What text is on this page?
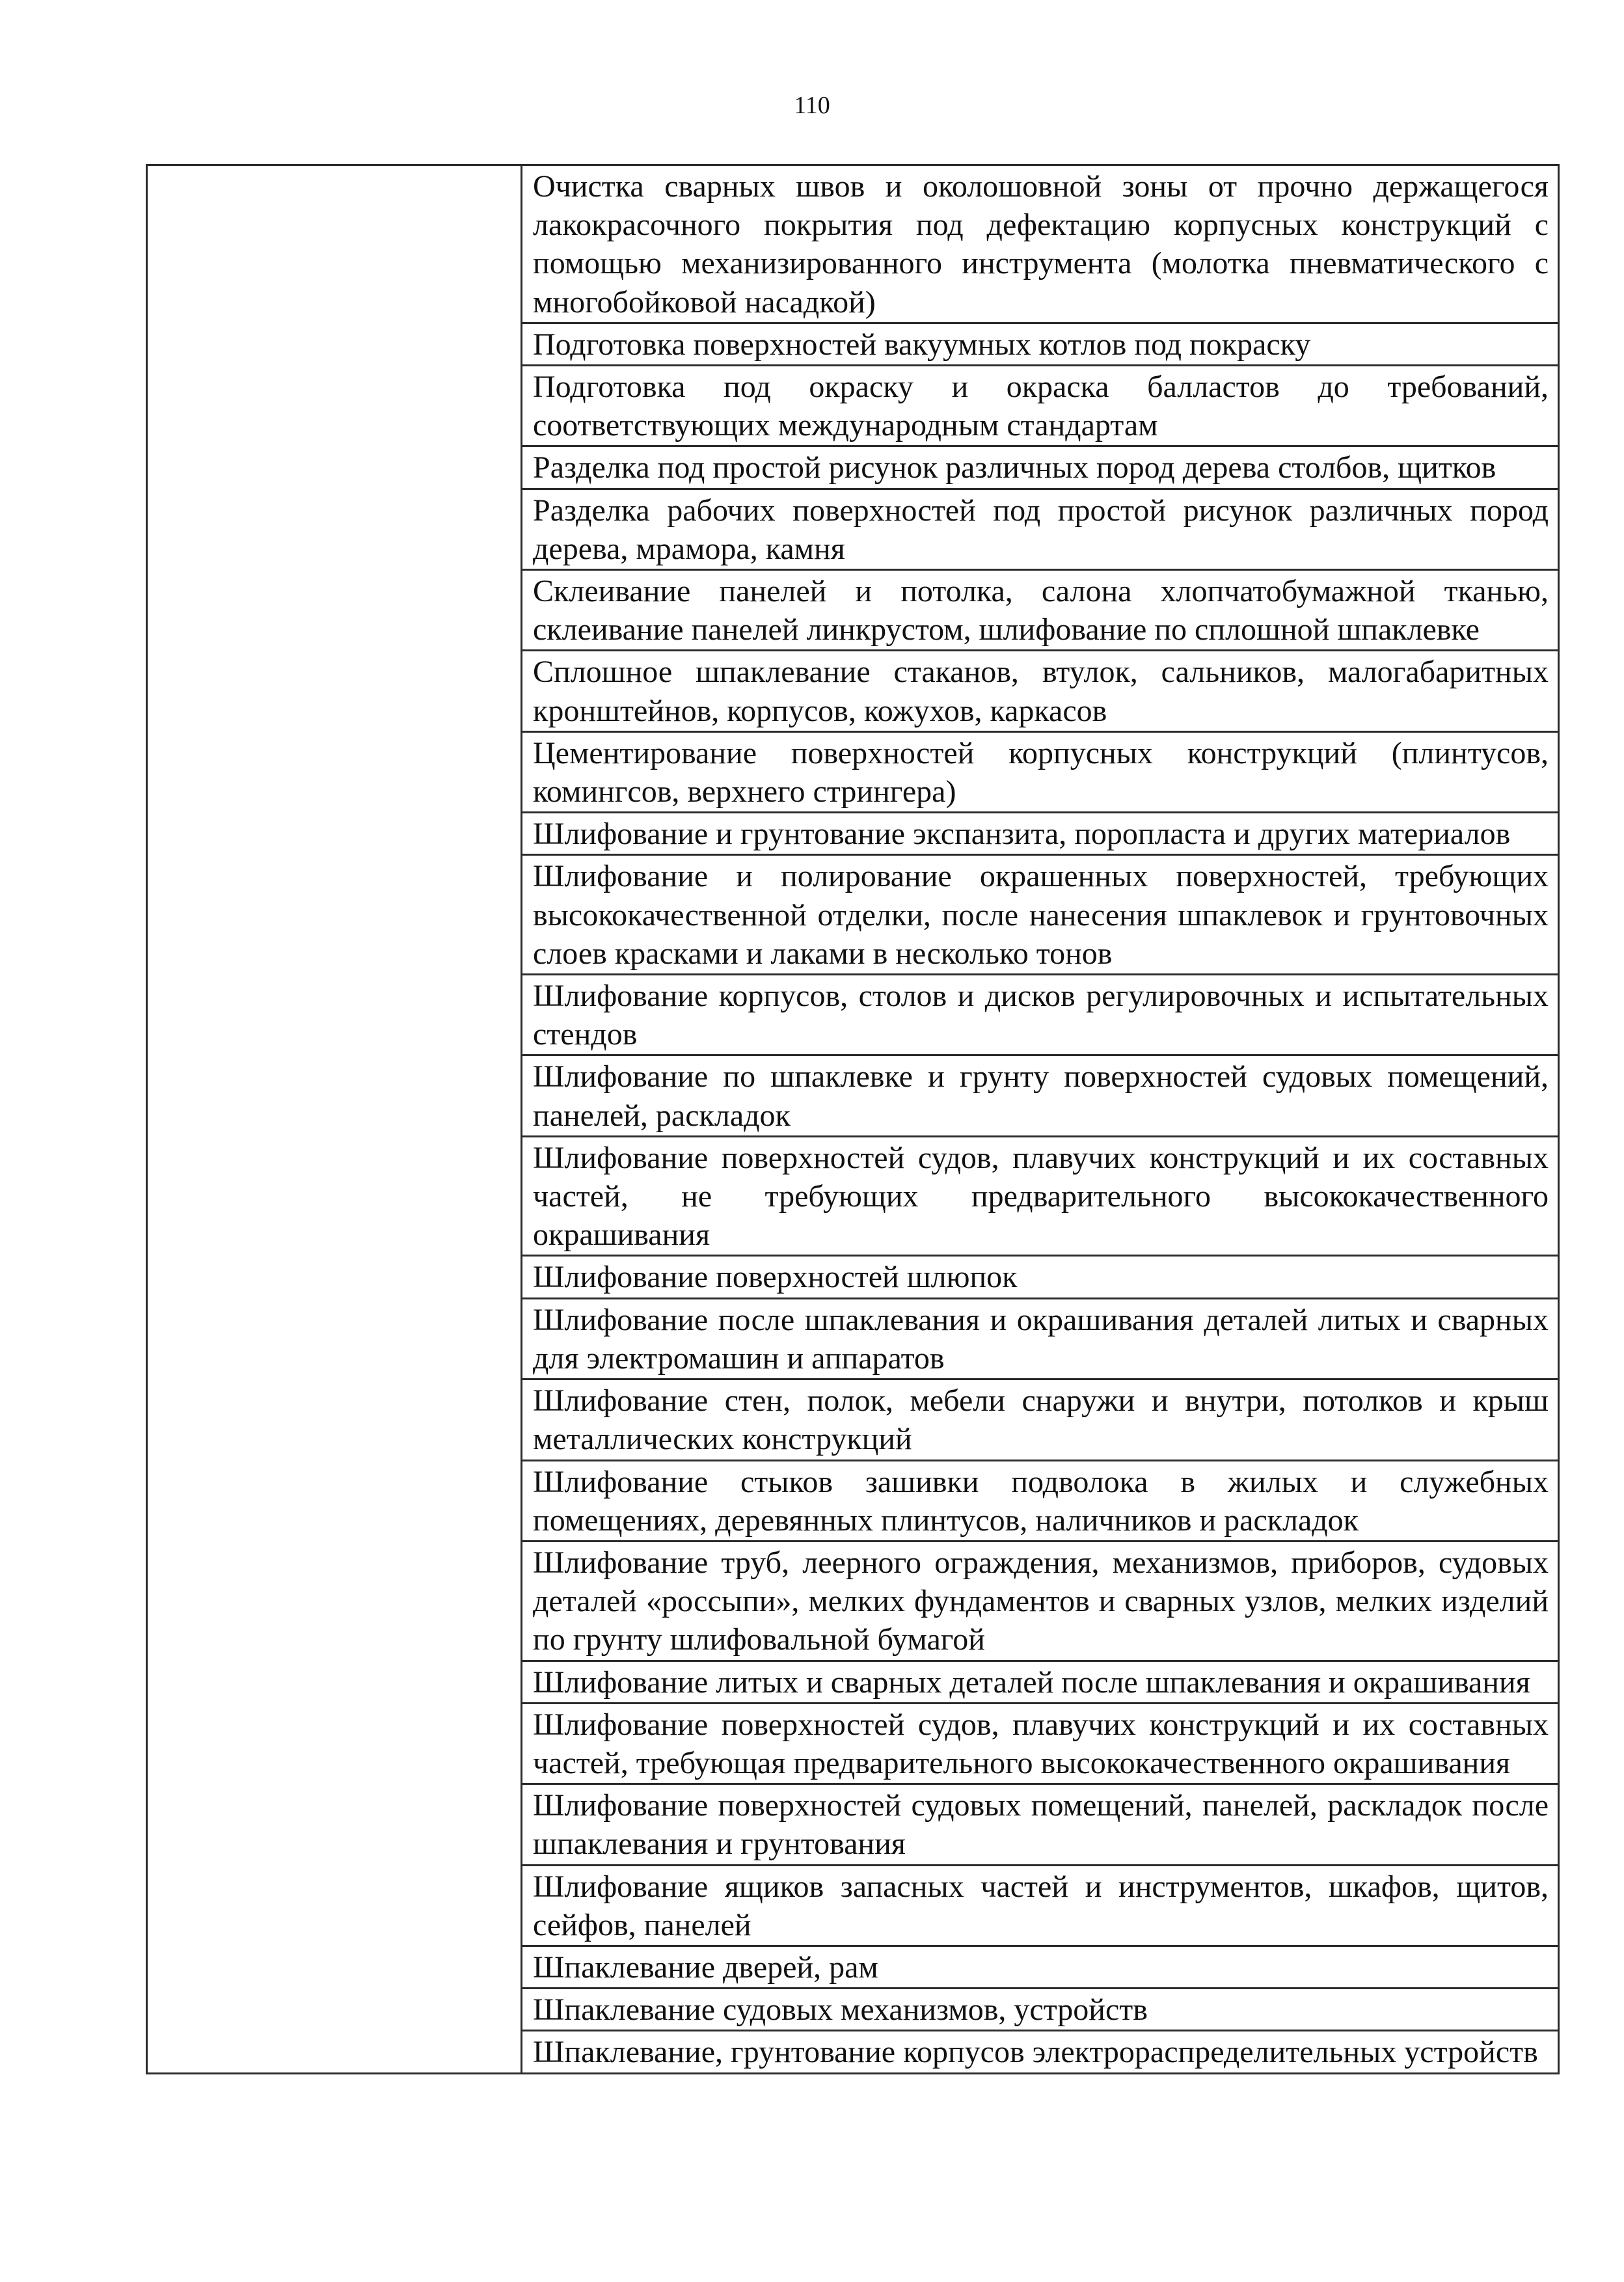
110

Очистка сварных швов и околошовной зоны от прочно держащегося лакокрасочного покрытия под дефектацию корпусных конструкций с помощью механизированного инструмента (молотка пневматического с многобойковой насадкой)

Подготовка поверхностей вакуумных котлов под покраску

Подготовка под окраску и окраска балластов до требований, соответствующих международным стандартам

Разделка под простой рисунок различных пород дерева столбов, щитков

Разделка рабочих поверхностей под простой рисунок различных пород дерева, мрамора, камня

Склеивание панелей и потолка, салона хлопчатобумажной тканью, склеивание панелей линкрустом, шлифование по сплошной шпаклевке

Сплошное шпаклевание стаканов, втулок, сальников, малогабаритных кронштейнов, корпусов, кожухов, каркасов

Цементирование поверхностей корпусных конструкций (плинтусов, комингсов, верхнего стрингера)

Шлифование и грунтование экспанзита, поропласта и других материалов

Шлифование и полирование окрашенных поверхностей, требующих высококачественной отделки, после нанесения шпаклевок и грунтовочных слоев красками и лаками в несколько тонов

Шлифование корпусов, столов и дисков регулировочных и испытательных стендов

Шлифование по шпаклевке и грунту поверхностей судовых помещений, панелей, раскладок

Шлифование поверхностей судов, плавучих конструкций и их составных частей, не требующих предварительного высококачественного окрашивания

Шлифование поверхностей шлюпок

Шлифование после шпаклевания и окрашивания деталей литых и сварных для электромашин и аппаратов

Шлифование стен, полок, мебели снаружи и внутри, потолков и крыш металлических конструкций

Шлифование стыков зашивки подволока в жилых и служебных помещениях, деревянных плинтусов, наличников и раскладок

Шлифование труб, леерного ограждения, механизмов, приборов, судовых деталей «россыпи», мелких фундаментов и сварных узлов, мелких изделий по грунту шлифовальной бумагой

Шлифование литых и сварных деталей после шпаклевания и окрашивания

Шлифование поверхностей судов, плавучих конструкций и их составных частей, требующая предварительного высококачественного окрашивания

Шлифование поверхностей судовых помещений, панелей, раскладок после шпаклевания и грунтования

Шлифование ящиков запасных частей и инструментов, шкафов, щитов, сейфов, панелей

Шпаклевание дверей, рам

Шпаклевание судовых механизмов, устройств

Шпаклевание, грунтование корпусов электрораспределительных устройств
